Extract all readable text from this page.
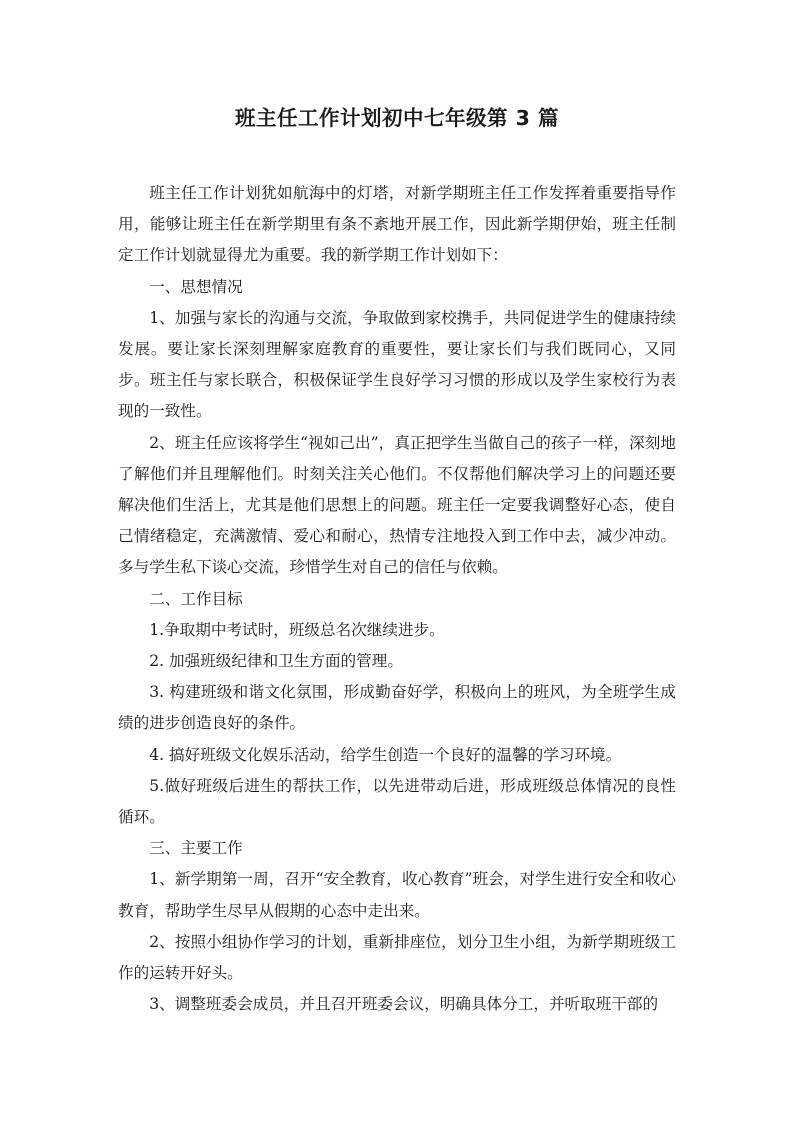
班主任工作计划初中七年级第 3 篇

班主任工作计划犹如航海中的灯塔，对新学期班主任工作发挥着重要指导作用，能够让班主任在新学期里有条不紊地开展工作，因此新学期伊始，班主任制定工作计划就显得尤为重要。我的新学期工作计划如下：

一、思想情况

1、加强与家长的沟通与交流，争取做到家校携手，共同促进学生的健康持续发展。要让家长深刻理解家庭教育的重要性，要让家长们与我们既同心，又同步。班主任与家长联合，积极保证学生良好学习习惯的形成以及学生家校行为表现的一致性。

2、班主任应该将学生“视如己出”，真正把学生当做自己的孩子一样，深刻地了解他们并且理解他们。时刻关注关心他们。不仅帮他们解决学习上的问题还要解决他们生活上，尤其是他们思想上的问题。班主任一定要我调整好心态，使自己情绪稳定，充满激情、爱心和耐心，热情专注地投入到工作中去，减少冲动。多与学生私下谈心交流，珍惜学生对自己的信任与依赖。

二、工作目标

1.争取期中考试时，班级总名次继续进步。

2. 加强班级纪律和卫生方面的管理。

3. 构建班级和谐文化氛围，形成勤奋好学，积极向上的班风，为全班学生成绩的进步创造良好的条件。

4. 搞好班级文化娱乐活动，给学生创造一个良好的温馨的学习环境。

5.做好班级后进生的帮扶工作，以先进带动后进，形成班级总体情况的良性循环。

三、主要工作

1、新学期第一周，召开“安全教育，收心教育”班会，对学生进行安全和收心教育，帮助学生尽早从假期的心态中走出来。

2、按照小组协作学习的计划，重新排座位，划分卫生小组，为新学期班级工作的运转开好头。

3、调整班委会成员，并且召开班委会议，明确具体分工，并听取班干部的
